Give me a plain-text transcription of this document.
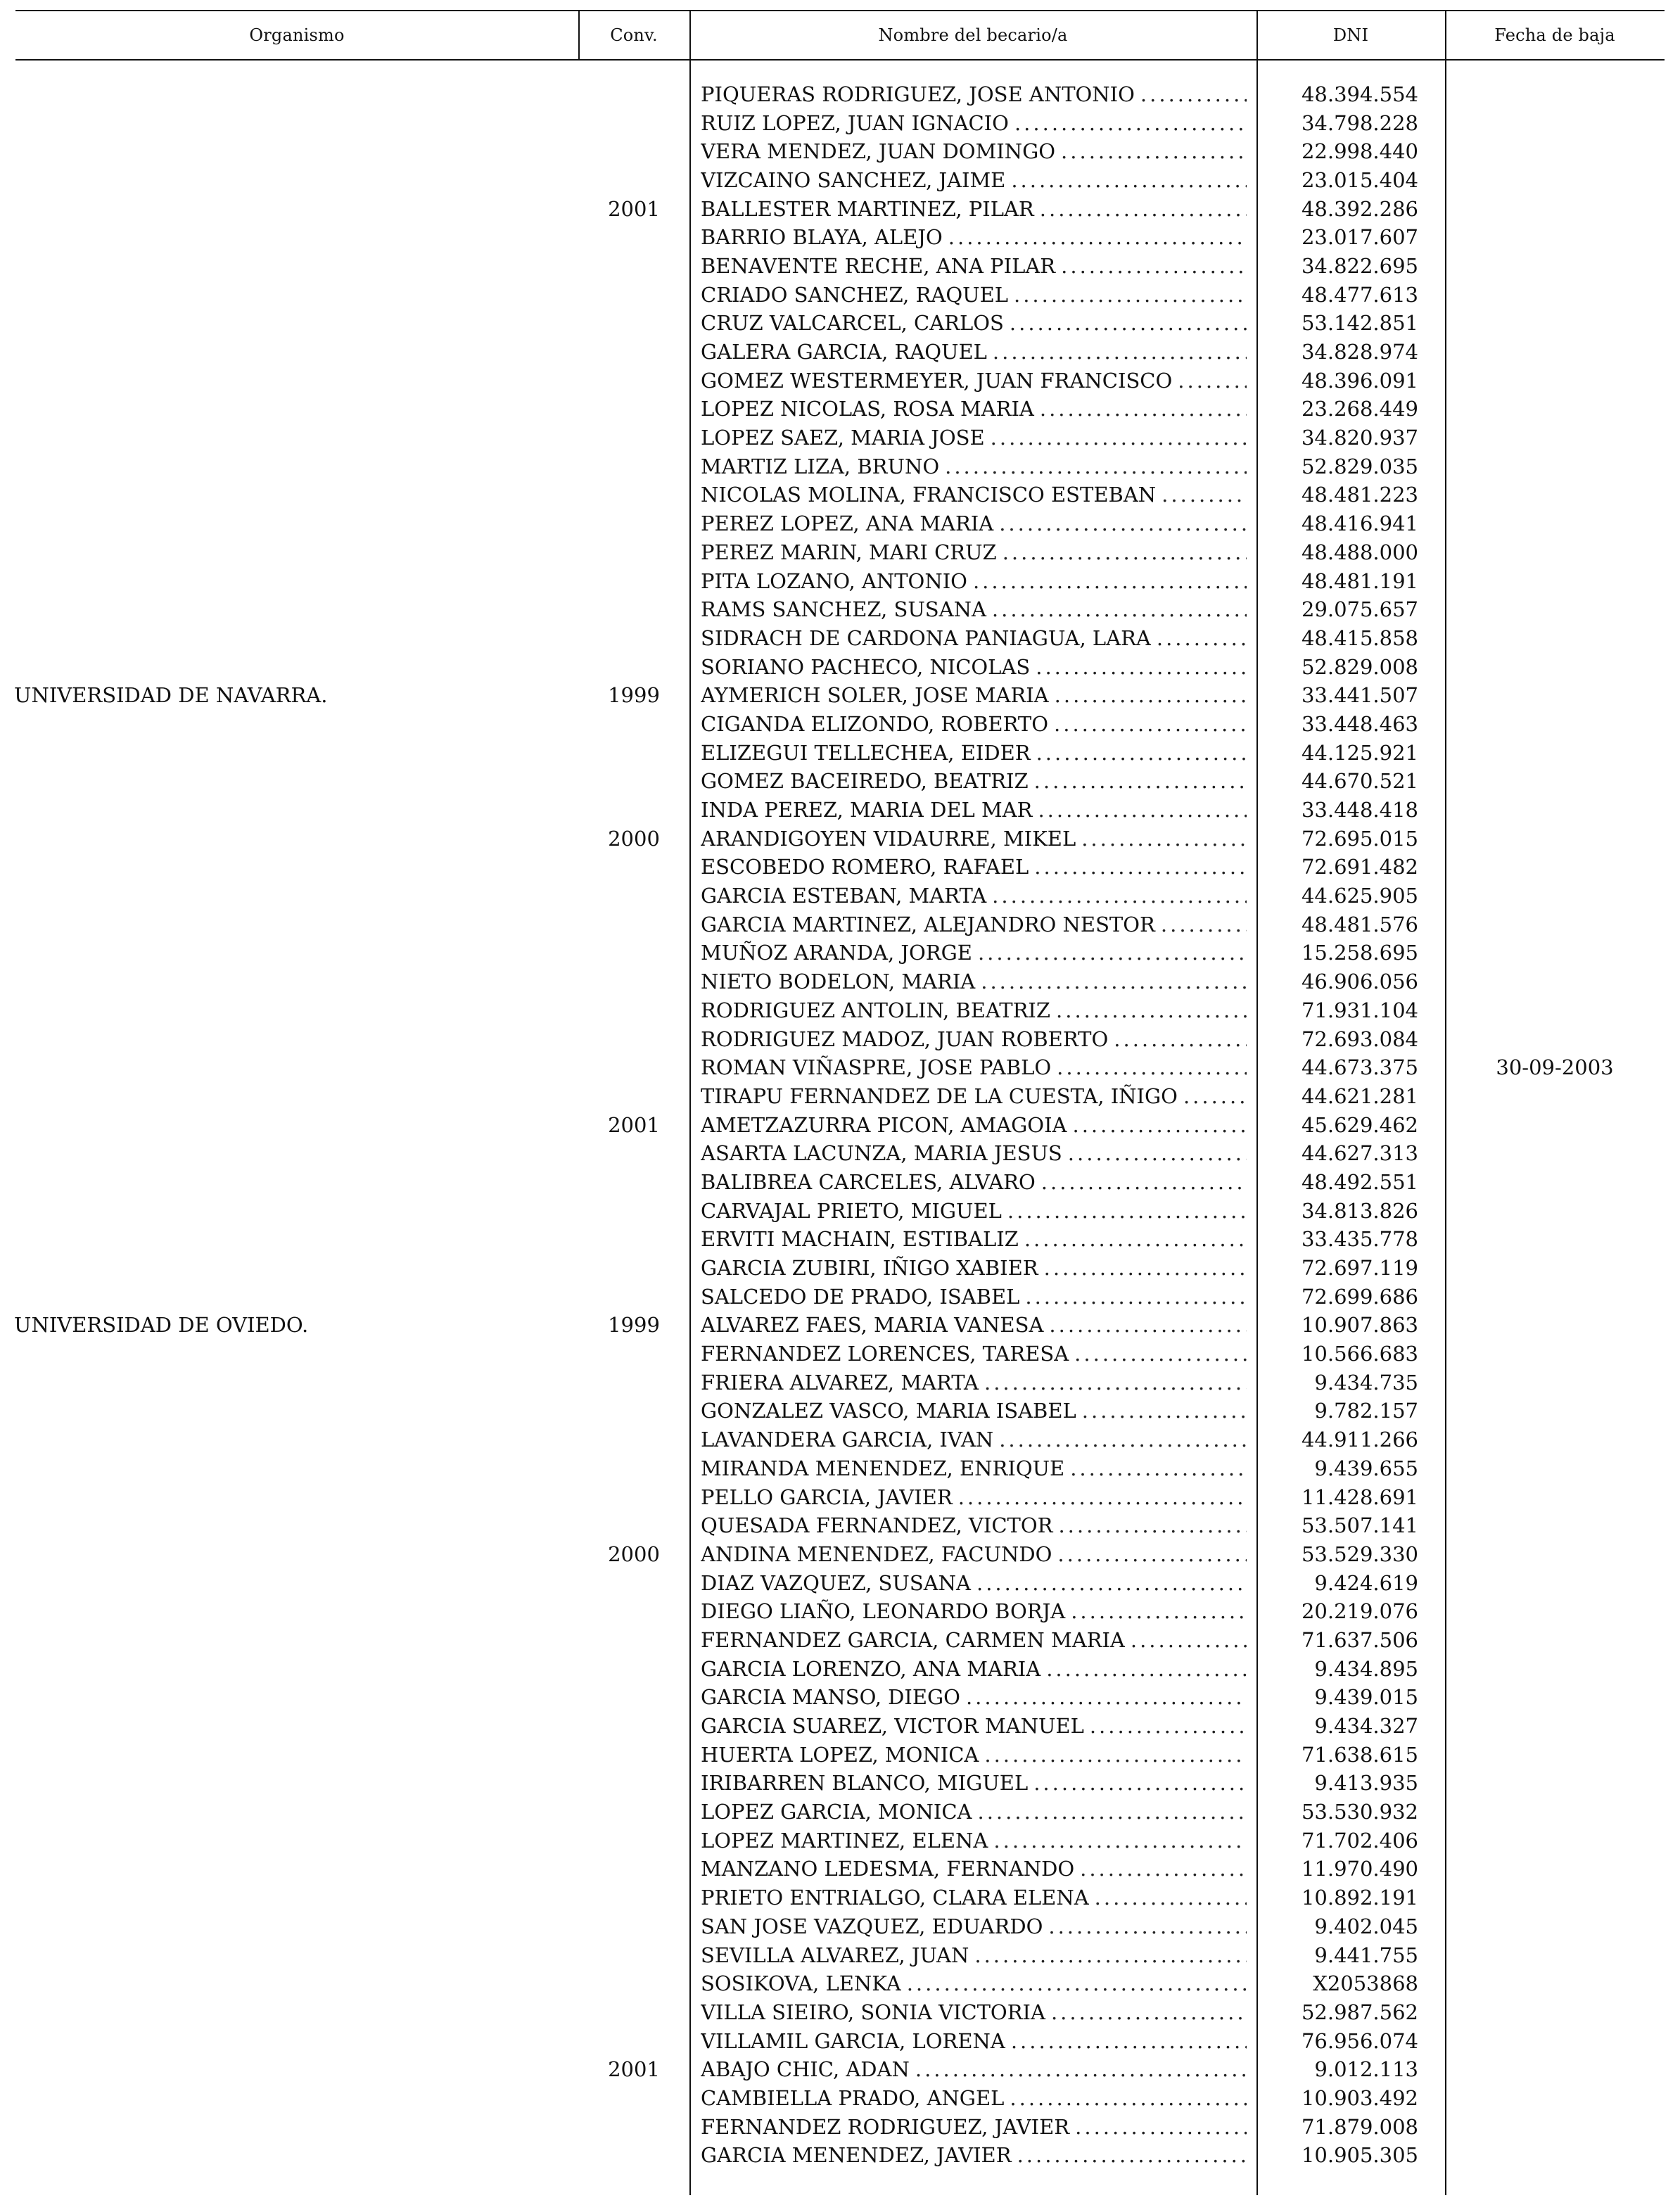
Organismo	Conv.	Nombre del becario/a	DNI	Fecha de baja
PIQUERAS RODRIGUEZ, JOSE ANTONIO .....	48.394.554
RUIZ LOPEZ, JUAN IGNACIO .....	34.798.228
VERA MENDEZ, JUAN DOMINGO .....	22.998.440
VIZCAINO SANCHEZ, JAIME .....	23.015.404
2001	BALLESTER MARTINEZ, PILAR .....	48.392.286
BARRIO BLAYA, ALEJO .....	23.017.607
BENAVENTE RECHE, ANA PILAR .....	34.822.695
CRIADO SANCHEZ, RAQUEL .....	48.477.613
CRUZ VALCARCEL, CARLOS .....	53.142.851
GALERA GARCIA, RAQUEL .....	34.828.974
GOMEZ WESTERMEYER, JUAN FRANCISCO .....	48.396.091
LOPEZ NICOLAS, ROSA MARIA .....	23.268.449
LOPEZ SAEZ, MARIA JOSE .....	34.820.937
MARTIZ LIZA, BRUNO .....	52.829.035
NICOLAS MOLINA, FRANCISCO ESTEBAN .....	48.481.223
PEREZ LOPEZ, ANA MARIA .....	48.416.941
PEREZ MARIN, MARI CRUZ .....	48.488.000
PITA LOZANO, ANTONIO .....	48.481.191
RAMS SANCHEZ, SUSANA .....	29.075.657
SIDRACH DE CARDONA PANIAGUA, LARA .....	48.415.858
SORIANO PACHECO, NICOLAS .....	52.829.008
UNIVERSIDAD DE NAVARRA.	1999	AYMERICH SOLER, JOSE MARIA .....	33.441.507
CIGANDA ELIZONDO, ROBERTO .....	33.448.463
ELIZEGUI TELLECHEA, EIDER .....	44.125.921
GOMEZ BACEIREDO, BEATRIZ .....	44.670.521
INDA PEREZ, MARIA DEL MAR .....	33.448.418
2000	ARANDIGOYEN VIDAURRE, MIKEL .....	72.695.015
ESCOBEDO ROMERO, RAFAEL .....	72.691.482
GARCIA ESTEBAN, MARTA .....	44.625.905
GARCIA MARTINEZ, ALEJANDRO NESTOR .....	48.481.576
MUÑOZ ARANDA, JORGE .....	15.258.695
NIETO BODELON, MARIA .....	46.906.056
RODRIGUEZ ANTOLIN, BEATRIZ .....	71.931.104
RODRIGUEZ MADOZ, JUAN ROBERTO .....	72.693.084
ROMAN VIÑASPRE, JOSE PABLO .....	44.673.375	30-09-2003
TIRAPU FERNANDEZ DE LA CUESTA, IÑIGO .....	44.621.281
2001	AMETZAZURRA PICON, AMAGOIA .....	45.629.462
ASARTA LACUNZA, MARIA JESUS .....	44.627.313
BALIBREA CARCELES, ALVARO .....	48.492.551
CARVAJAL PRIETO, MIGUEL .....	34.813.826
ERVITI MACHAIN, ESTIBALIZ .....	33.435.778
GARCIA ZUBIRI, IÑIGO XABIER .....	72.697.119
SALCEDO DE PRADO, ISABEL .....	72.699.686
UNIVERSIDAD DE OVIEDO.	1999	ALVAREZ FAES, MARIA VANESA .....	10.907.863
FERNANDEZ LORENCES, TARESA .....	10.566.683
FRIERA ALVAREZ, MARTA .....	9.434.735
GONZALEZ VASCO, MARIA ISABEL .....	9.782.157
LAVANDERA GARCIA, IVAN .....	44.911.266
MIRANDA MENENDEZ, ENRIQUE .....	9.439.655
PELLO GARCIA, JAVIER .....	11.428.691
QUESADA FERNANDEZ, VICTOR .....	53.507.141
2000	ANDINA MENENDEZ, FACUNDO .....	53.529.330
DIAZ VAZQUEZ, SUSANA .....	9.424.619
DIEGO LIAÑO, LEONARDO BORJA .....	20.219.076
FERNANDEZ GARCIA, CARMEN MARIA .....	71.637.506
GARCIA LORENZO, ANA MARIA .....	9.434.895
GARCIA MANSO, DIEGO .....	9.439.015
GARCIA SUAREZ, VICTOR MANUEL .....	9.434.327
HUERTA LOPEZ, MONICA .....	71.638.615
IRIBARREN BLANCO, MIGUEL .....	9.413.935
LOPEZ GARCIA, MONICA .....	53.530.932
LOPEZ MARTINEZ, ELENA .....	71.702.406
MANZANO LEDESMA, FERNANDO .....	11.970.490
PRIETO ENTRIALGO, CLARA ELENA .....	10.892.191
SAN JOSE VAZQUEZ, EDUARDO .....	9.402.045
SEVILLA ALVAREZ, JUAN .....	9.441.755
SOSIKOVA, LENKA .....	X2053868
VILLA SIEIRO, SONIA VICTORIA .....	52.987.562
VILLAMIL GARCIA, LORENA .....	76.956.074
2001	ABAJO CHIC, ADAN .....	9.012.113
CAMBIELLA PRADO, ANGEL .....	10.903.492
FERNANDEZ RODRIGUEZ, JAVIER .....	71.879.008
GARCIA MENENDEZ, JAVIER .....	10.905.305
